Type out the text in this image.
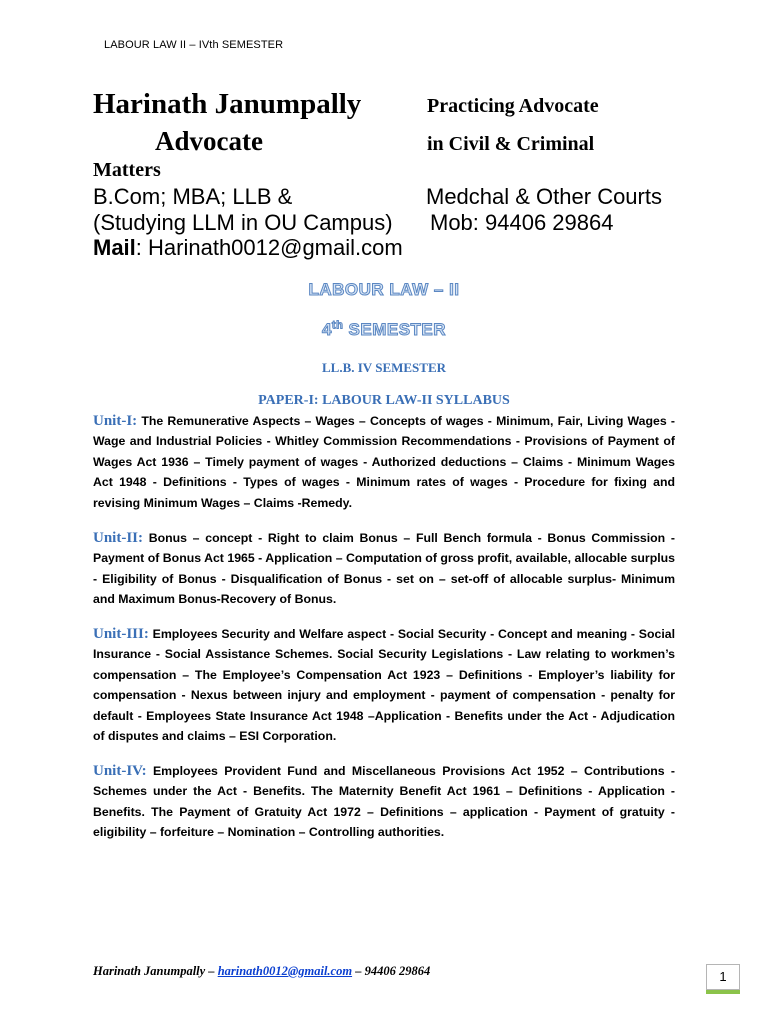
LABOUR LAW II – IVth SEMESTER
Harinath Janumpally	Practicing Advocate
Advocate	in Civil & Criminal
Matters
B.Com; MBA; LLB &	Medchal & Other Courts
(Studying LLM in OU Campus) Mob: 94406 29864
Mail: Harinath0012@gmail.com
LABOUR LAW – II
4th SEMESTER
LL.B. IV SEMESTER
PAPER-I: LABOUR LAW-II SYLLABUS
Unit-I: The Remunerative Aspects – Wages – Concepts of wages - Minimum, Fair, Living Wages - Wage and Industrial Policies - Whitley Commission Recommendations - Provisions of Payment of Wages Act 1936 – Timely payment of wages - Authorized deductions – Claims - Minimum Wages Act 1948 - Definitions - Types of wages - Minimum rates of wages - Procedure for fixing and revising Minimum Wages – Claims -Remedy.
Unit-II: Bonus – concept - Right to claim Bonus – Full Bench formula - Bonus Commission - Payment of Bonus Act 1965 - Application – Computation of gross profit, available, allocable surplus - Eligibility of Bonus - Disqualification of Bonus - set on – set-off of allocable surplus- Minimum and Maximum Bonus-Recovery of Bonus.
Unit-III: Employees Security and Welfare aspect - Social Security - Concept and meaning - Social Insurance - Social Assistance Schemes. Social Security Legislations - Law relating to workmen’s compensation – The Employee’s Compensation Act 1923 – Definitions - Employer’s liability for compensation - Nexus between injury and employment - payment of compensation - penalty for default - Employees State Insurance Act 1948 –Application - Benefits under the Act - Adjudication of disputes and claims – ESI Corporation.
Unit-IV: Employees Provident Fund and Miscellaneous Provisions Act 1952 – Contributions -Schemes under the Act - Benefits. The Maternity Benefit Act 1961 – Definitions - Application - Benefits. The Payment of Gratuity Act 1972 – Definitions – application - Payment of gratuity - eligibility – forfeiture – Nomination – Controlling authorities.
Harinath Janumpally – harinath0012@gmail.com – 94406 29864	1
